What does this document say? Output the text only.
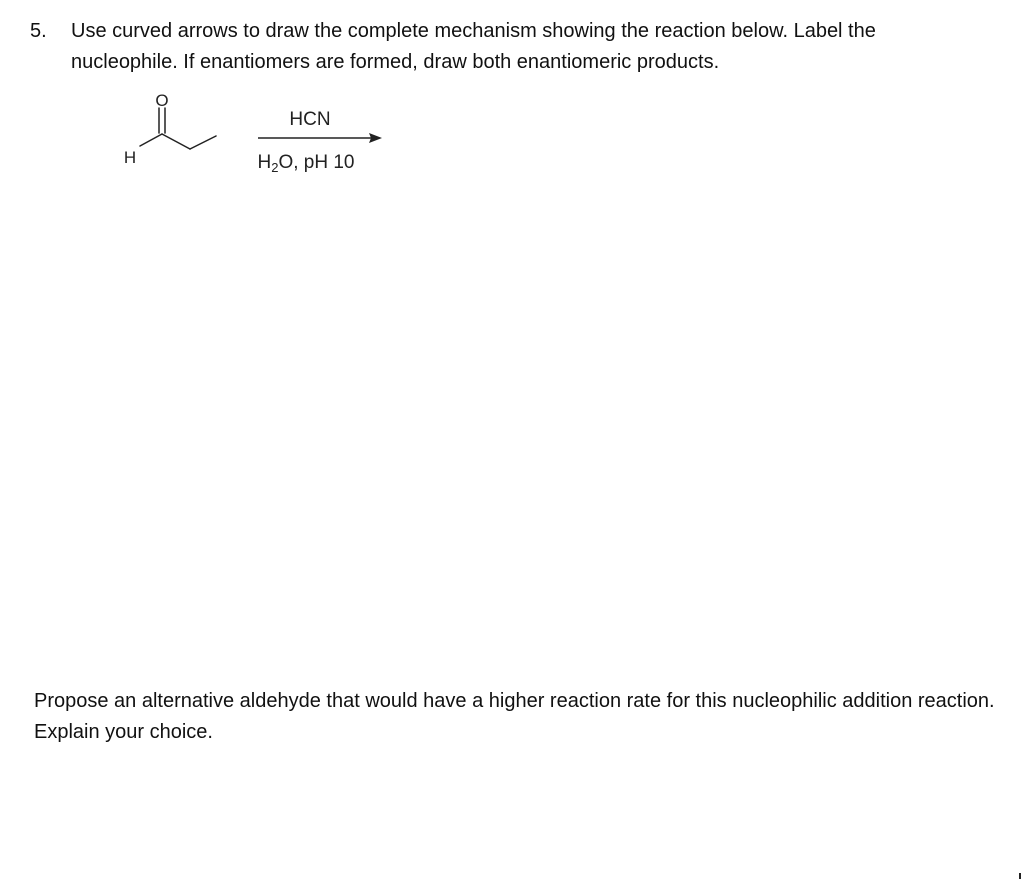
5. Use curved arrows to draw the complete mechanism showing the reaction below. Label the nucleophile. If enantiomers are formed, draw both enantiomeric products.
O
H
HCN
$H_2O$, pH 10
Propose an alternative aldehyde that would have a higher reaction rate for this nucleophilic addition reaction. Explain your choice.
